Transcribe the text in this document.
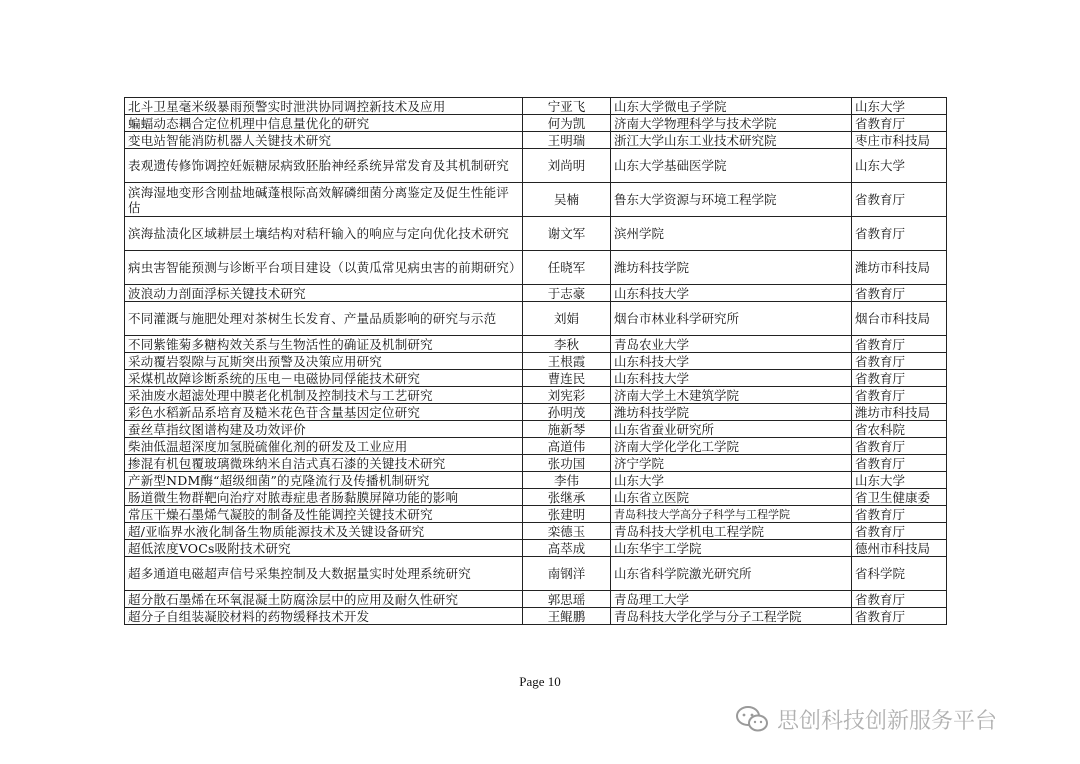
北斗卫星毫米级暴雨预警实时泄洪协同调控新技术及应用	宁亚飞	山东大学微电子学院	山东大学
蝙蝠动态耦合定位机理中信息量优化的研究	何为凯	济南大学物理科学与技术学院	省教育厅
变电站智能消防机器人关键技术研究	王明瑞	浙江大学山东工业技术研究院	枣庄市科技局
表观遗传修饰调控妊娠糖尿病致胚胎神经系统异常发育及其机制研究	刘尚明	山东大学基础医学院	山东大学
滨海湿地变形含刚盐地碱蓬根际高效解磷细菌分离鉴定及促生性能评估	吴楠	鲁东大学资源与环境工程学院	省教育厅
滨海盐渍化区域耕层土壤结构对秸秆输入的响应与定向优化技术研究	谢文军	滨州学院	省教育厅
病虫害智能预测与诊断平台项目建设（以黄瓜常见病虫害的前期研究）	任晓军	潍坊科技学院	潍坊市科技局
波浪动力剖面浮标关键技术研究	于志豪	山东科技大学	省教育厅
不同灌溉与施肥处理对茶树生长发育、产量品质影响的研究与示范	刘娟	烟台市林业科学研究所	烟台市科技局
不同紫锥菊多糖构效关系与生物活性的确证及机制研究	李秋	青岛农业大学	省教育厅
采动覆岩裂隙与瓦斯突出预警及决策应用研究	王根霞	山东科技大学	省教育厅
采煤机故障诊断系统的压电－电磁协同俘能技术研究	曹连民	山东科技大学	省教育厅
采油废水超滤处理中膜老化机制及控制技术与工艺研究	刘宪彩	济南大学土木建筑学院	省教育厅
彩色水稻新品系培育及糙米花色苷含量基因定位研究	孙明茂	潍坊科技学院	潍坊市科技局
蚕丝草指纹图谱构建及功效评价	施新琴	山东省蚕业研究所	省农科院
柴油低温超深度加氢脱硫催化剂的研发及工业应用	高道伟	济南大学化学化工学院	省教育厅
掺混有机包覆玻璃微珠纳米自洁式真石漆的关键技术研究	张功国	济宁学院	省教育厅
产新型NDM酶“超级细菌”的克隆流行及传播机制研究	李伟	山东大学	山东大学
肠道微生物群靶向治疗对脓毒症患者肠黏膜屏障功能的影响	张继承	山东省立医院	省卫生健康委
常压干燥石墨烯气凝胶的制备及性能调控关键技术研究	张建明	青岛科技大学高分子科学与工程学院	省教育厅
超/亚临界水液化制备生物质能源技术及关键设备研究	栾德玉	青岛科技大学机电工程学院	省教育厅
超低浓度VOCs吸附技术研究	高萃成	山东华宇工学院	德州市科技局
超多通道电磁超声信号采集控制及大数据量实时处理系统研究	南钢洋	山东省科学院激光研究所	省科学院
超分散石墨烯在环氧混凝土防腐涂层中的应用及耐久性研究	郭思瑶	青岛理工大学	省教育厅
超分子自组装凝胶材料的药物缓释技术开发	王鲲鹏	青岛科技大学化学与分子工程学院	省教育厅
Page 10
思创科技创新服务平台
